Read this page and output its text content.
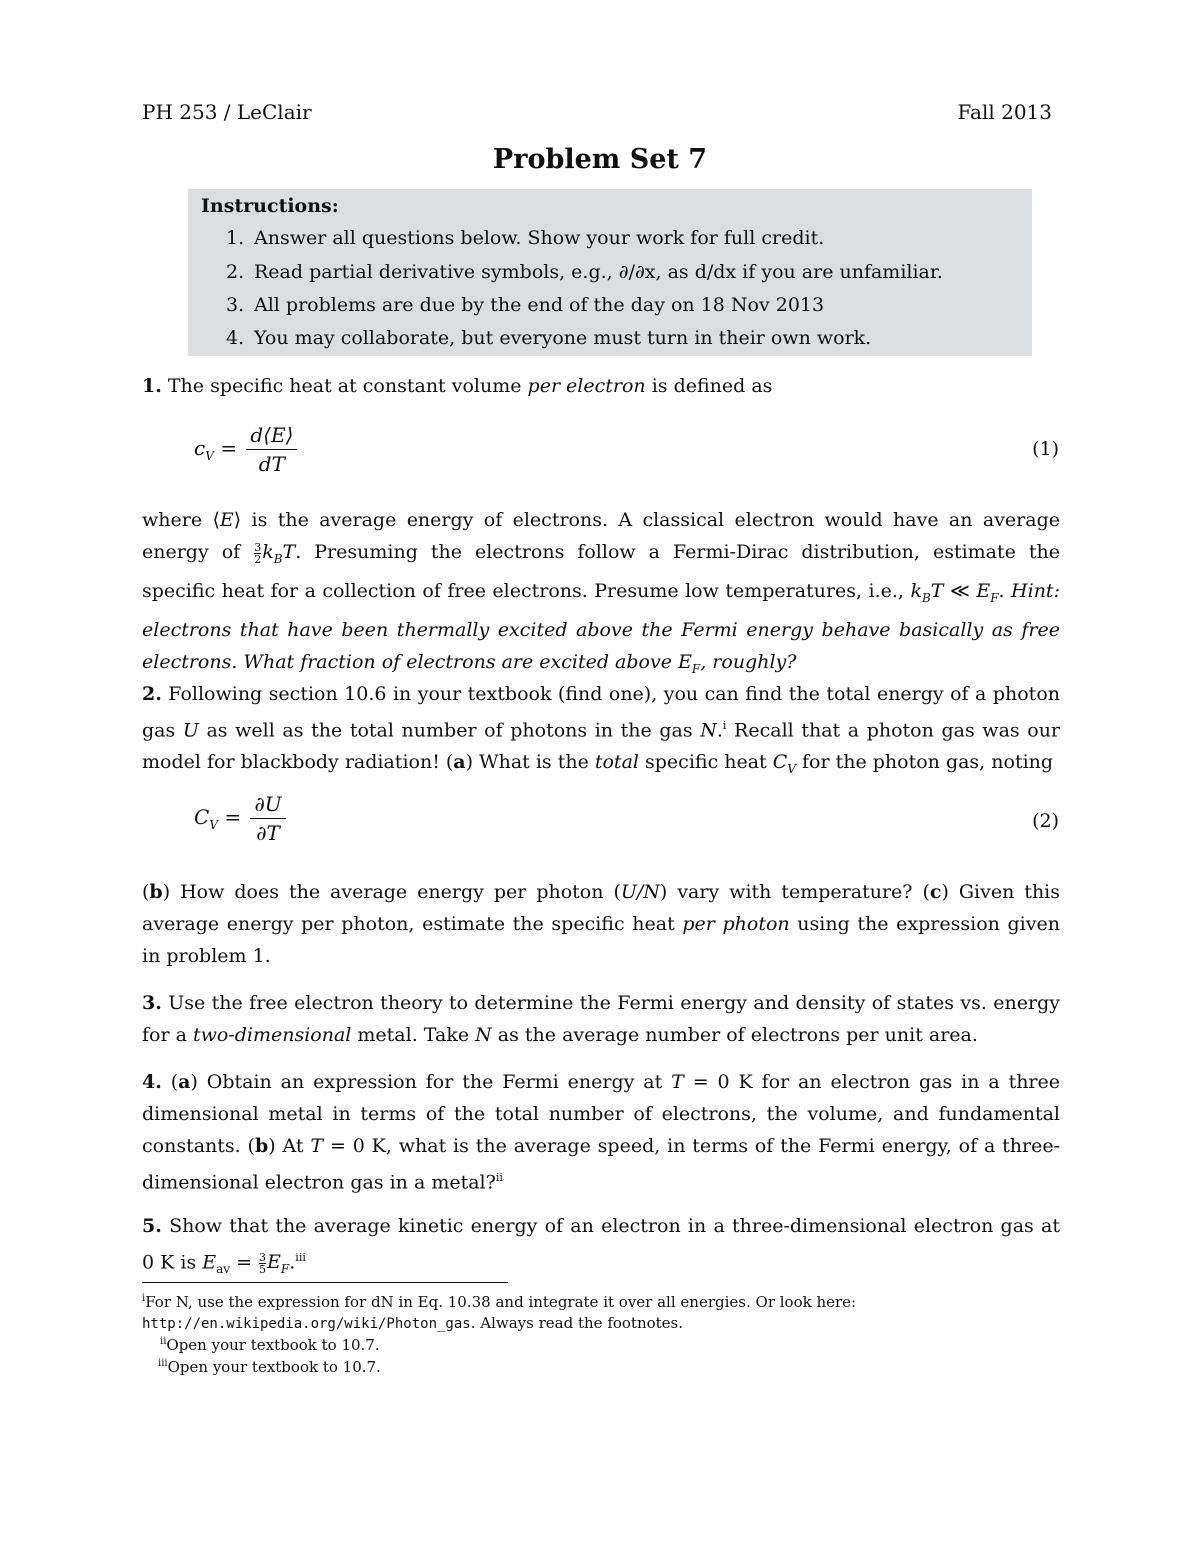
PH 253 / LeClair	Fall 2013
Problem Set 7
Instructions:
1. Answer all questions below. Show your work for full credit.
2. Read partial derivative symbols, e.g., ∂/∂x, as d/dx if you are unfamiliar.
3. All problems are due by the end of the day on 18 Nov 2013
4. You may collaborate, but everyone must turn in their own work.
1. The specific heat at constant volume per electron is defined as
$c_V = \frac{d⟨E⟩}{dT}$	(1)
where ⟨E⟩ is the average energy of electrons. A classical electron would have an average energy of $\frac{3}{2} k_BT$. Presuming the electrons follow a Fermi-Dirac distribution, estimate the specific heat for a collection of free electrons. Presume low temperatures, i.e., $k_BT$ ≪ $E_F$. Hint: electrons that have been thermally excited above the Fermi energy behave basically as free electrons. What fraction of electrons are excited above $E_F$, roughly?
2. Following section 10.6 in your textbook (find one), you can find the total energy of a photon gas U as well as the total number of photons in the gas N.$^i$ Recall that a photon gas was our model for blackbody radiation! (a) What is the total specific heat $C_V$ for the photon gas, noting
$C_V = \frac{\partial U}{\partial T}$	(2)
(b) How does the average energy per photon (U/N) vary with temperature? (c) Given this average energy per photon, estimate the specific heat per photon using the expression given in problem 1.
3. Use the free electron theory to determine the Fermi energy and density of states vs. energy for a two-dimensional metal. Take N as the average number of electrons per unit area.
4. (a) Obtain an expression for the Fermi energy at T = 0 K for an electron gas in a three dimensional metal in terms of the total number of electrons, the volume, and fundamental constants. (b) At T = 0 K, what is the average speed, in terms of the Fermi energy, of a three-dimensional electron gas in a metal?$^{ii}$
5. Show that the average kinetic energy of an electron in a three-dimensional electron gas at 0 K is $E_{av} = \frac{3}{5} E_F.^{iii}$
$^i$For N, use the expression for dN in Eq. 10.38 and integrate it over all energies. Or look here: http://en.wikipedia.org/wiki/Photon_gas. Always read the footnotes.
$^{ii}$Open your textbook to 10.7.
$^{iii}$Open your textbook to 10.7.
